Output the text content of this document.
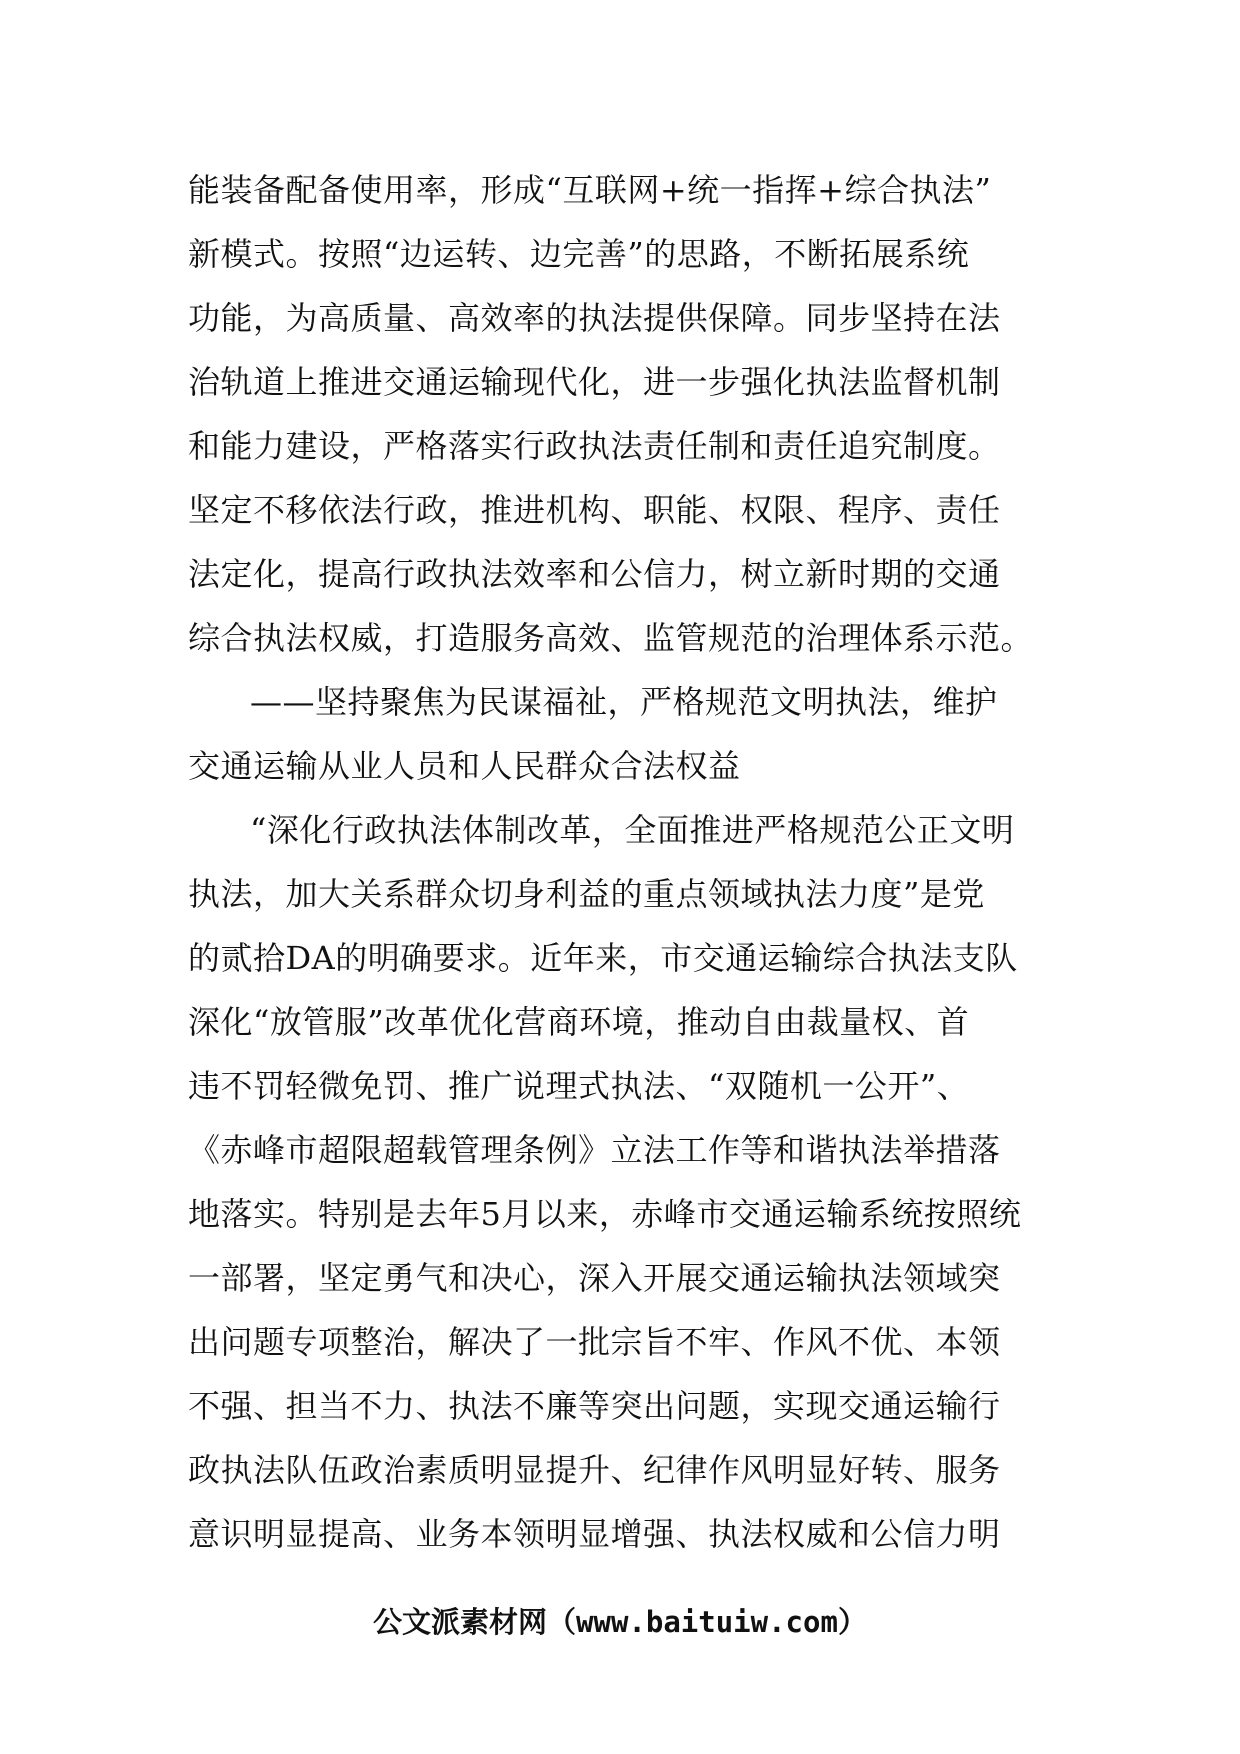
能装备配备使用率，形成“互联网+统一指挥+综合执法”
新模式。按照“边运转、边完善”的思路，不断拓展系统
功能，为高质量、高效率的执法提供保障。同步坚持在法
治轨道上推进交通运输现代化，进一步强化执法监督机制
和能力建设，严格落实行政执法责任制和责任追究制度。
坚定不移依法行政，推进机构、职能、权限、程序、责任
法定化，提高行政执法效率和公信力，树立新时期的交通
综合执法权威，打造服务高效、监管规范的治理体系示范。
——坚持聚焦为民谋福祉，严格规范文明执法，维护
交通运输从业人员和人民群众合法权益
“深化行政执法体制改革，全面推进严格规范公正文明
执法，加大关系群众切身利益的重点领域执法力度”是党
的贰拾DA的明确要求。近年来，市交通运输综合执法支队
深化“放管服”改革优化营商环境，推动自由裁量权、首
违不罚轻微免罚、推广说理式执法、“双随机一公开”、
《赤峰市超限超载管理条例》立法工作等和谐执法举措落
地落实。特别是去年5月以来，赤峰市交通运输系统按照统
一部署，坚定勇气和决心，深入开展交通运输执法领域突
出问题专项整治，解决了一批宗旨不牢、作风不优、本领
不强、担当不力、执法不廉等突出问题，实现交通运输行
政执法队伍政治素质明显提升、纪律作风明显好转、服务
意识明显提高、业务本领明显增强、执法权威和公信力明
公文派素材网（www.baituiw.com）
